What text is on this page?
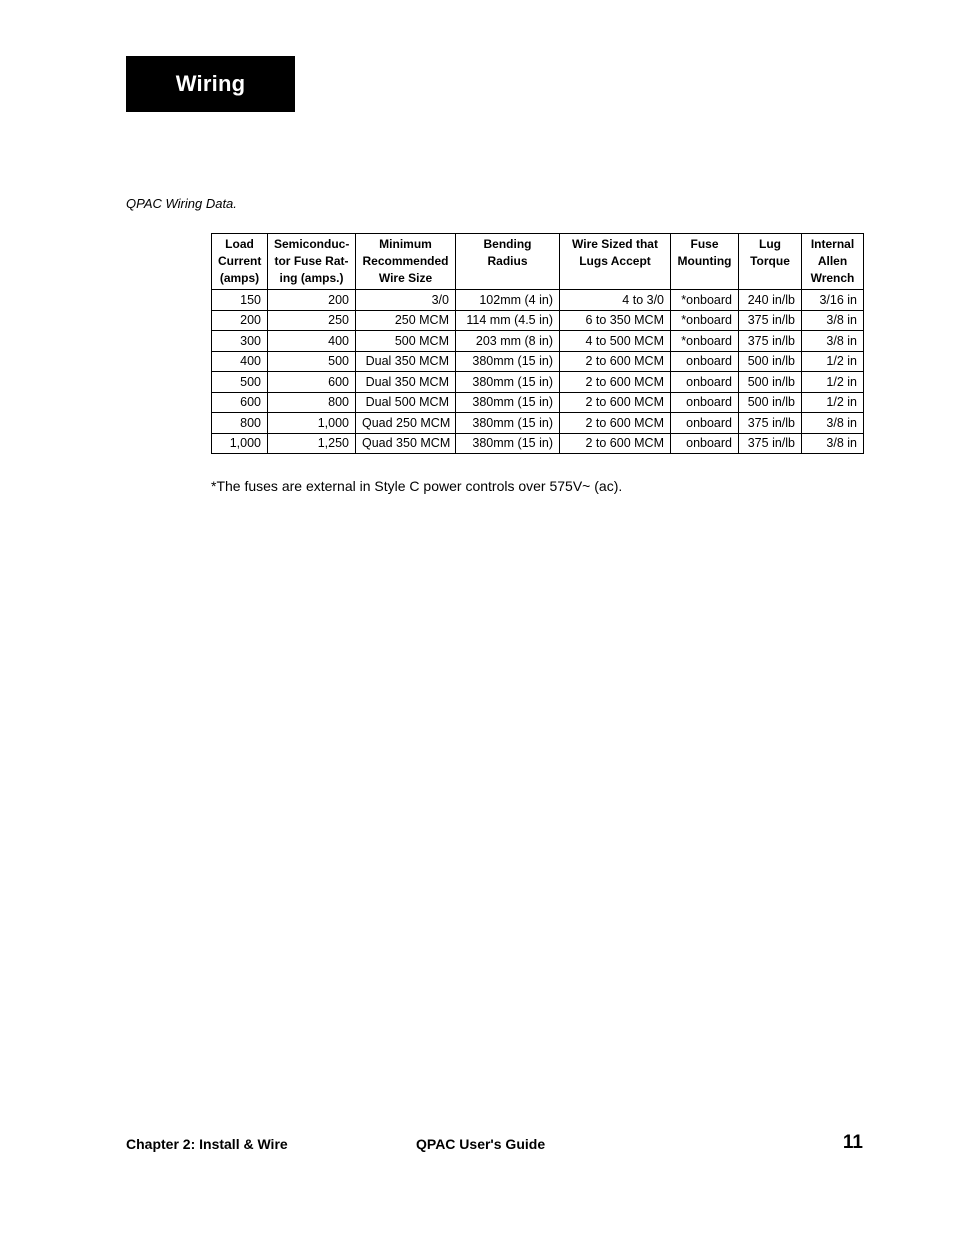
Wiring
QPAC Wiring Data.
Load Current (amps)	Semiconduc- tor Fuse Rat- ing (amps.)	Minimum Recommended Wire Size	Bending Radius	Wire Sized that Lugs Accept	Fuse Mounting	Lug Torque	Internal Allen Wrench
150	200	3/0	102mm (4 in)	4 to 3/0	*onboard	240 in/lb	3/16 in
200	250	250 MCM	114 mm (4.5 in)	6 to 350 MCM	*onboard	375 in/lb	3/8 in
300	400	500 MCM	203 mm (8 in)	4 to 500 MCM	*onboard	375 in/lb	3/8 in
400	500	Dual 350 MCM	380mm (15 in)	2 to 600 MCM	onboard	500 in/lb	1/2 in
500	600	Dual 350 MCM	380mm (15 in)	2 to 600 MCM	onboard	500 in/lb	1/2 in
600	800	Dual 500 MCM	380mm (15 in)	2 to 600 MCM	onboard	500 in/lb	1/2 in
800	1,000	Quad 250 MCM	380mm (15 in)	2 to 600 MCM	onboard	375 in/lb	3/8 in
1,000	1,250	Quad 350 MCM	380mm (15 in)	2 to 600 MCM	onboard	375 in/lb	3/8 in
*The fuses are external in Style C power controls over 575V~ (ac).
Chapter 2: Install & Wire	QPAC User's Guide	11
